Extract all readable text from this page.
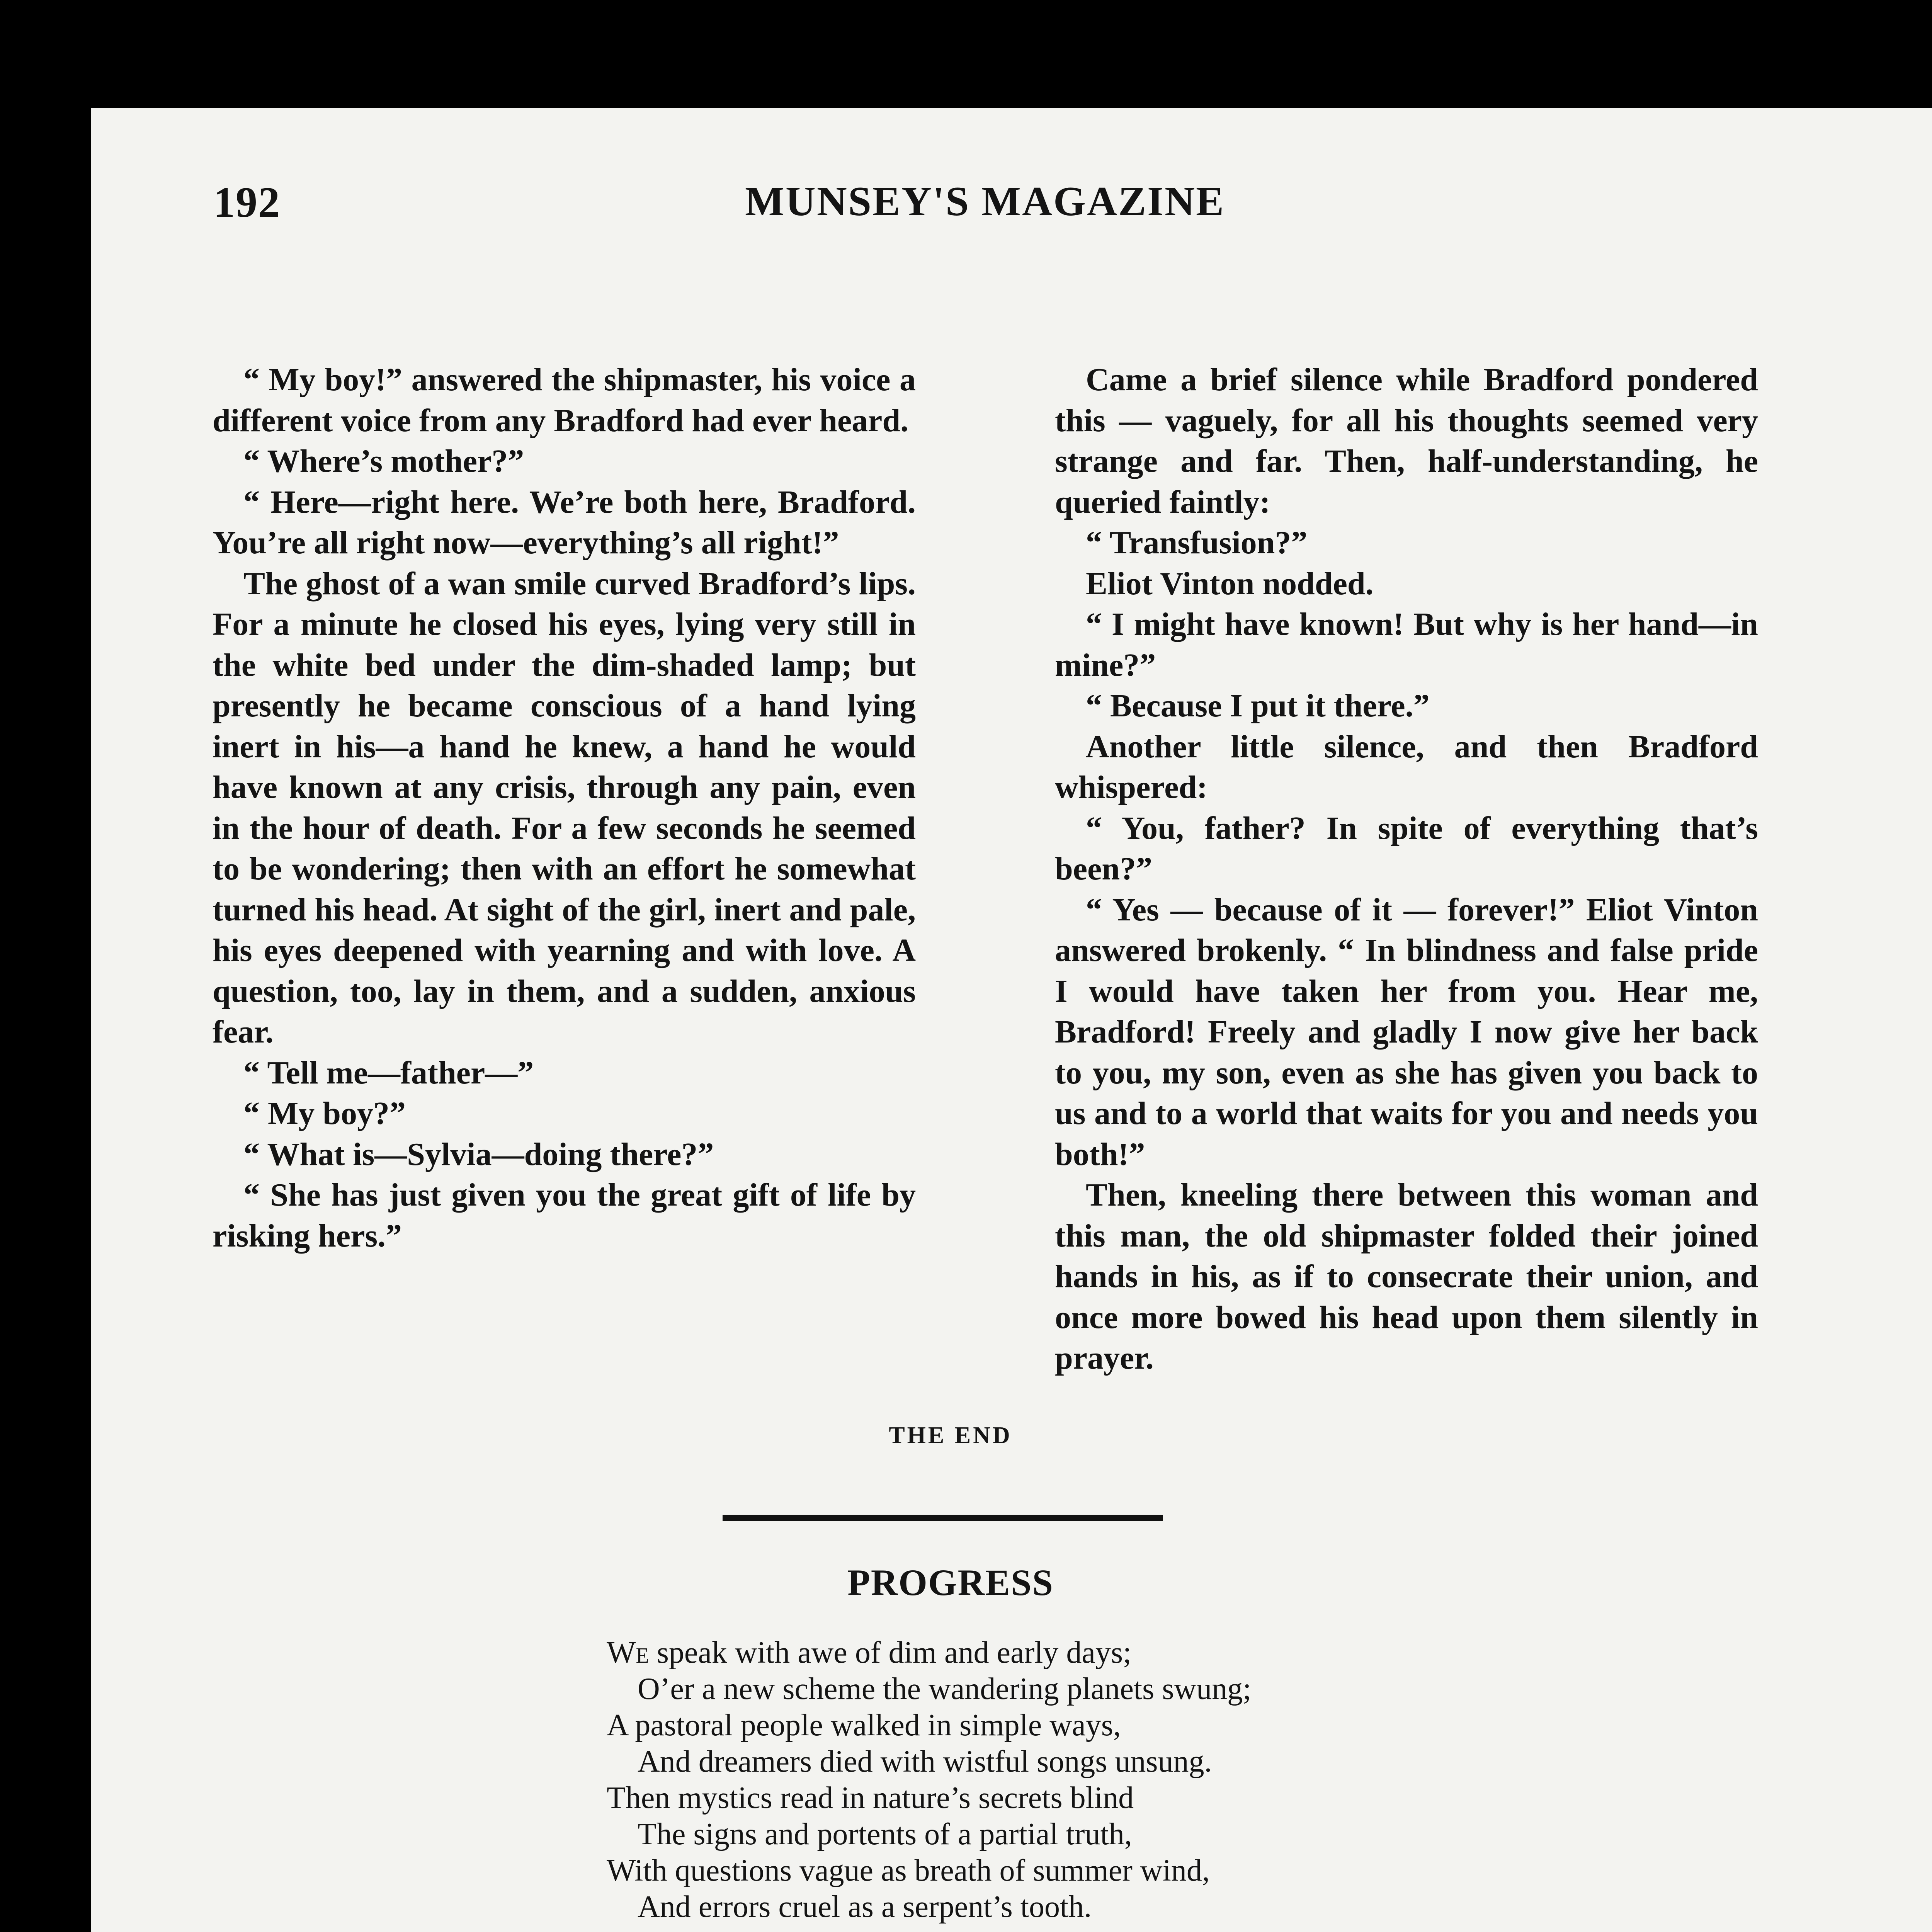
192	MUNSEY'S MAGAZINE

“ My boy!” answered the shipmaster, his voice a different voice from any Bradford had ever heard.

“ Where’s mother?”

“ Here—right here. We’re both here, Bradford. You’re all right now—everything’s all right!”

The ghost of a wan smile curved Bradford’s lips. For a minute he closed his eyes, lying very still in the white bed under the dim-shaded lamp; but presently he became conscious of a hand lying inert in his—a hand he knew, a hand he would have known at any crisis, through any pain, even in the hour of death. For a few seconds he seemed to be wondering; then with an effort he somewhat turned his head. At sight of the girl, inert and pale, his eyes deepened with yearning and with love. A question, too, lay in them, and a sudden, anxious fear.

“ Tell me—father—”

“ My boy?”

“ What is—Sylvia—doing there?”

“ She has just given you the great gift of life by risking hers.”

Came a brief silence while Bradford pondered this — vaguely, for all his thoughts seemed very strange and far. Then, half-understanding, he queried faintly:

“ Transfusion?”

Eliot Vinton nodded.

“ I might have known! But why is her hand—in mine?”

“ Because I put it there.”

Another little silence, and then Bradford whispered:

“ You, father? In spite of everything that’s been?”

“ Yes — because of it — forever!” Eliot Vinton answered brokenly. “ In blindness and false pride I would have taken her from you. Hear me, Bradford! Freely and gladly I now give her back to you, my son, even as she has given you back to us and to a world that waits for you and needs you both!”

Then, kneeling there between this woman and this man, the old shipmaster folded their joined hands in his, as if to consecrate their union, and once more bowed his head upon them silently in prayer.

THE END
PROGRESS
We speak with awe of dim and early days;
O’er a new scheme the wandering planets swung;
A pastoral people walked in simple ways,
And dreamers died with wistful songs unsung.
Then mystics read in nature’s secrets blind
The signs and portents of a partial truth,
With questions vague as breath of summer wind,
And errors cruel as a serpent’s tooth.
